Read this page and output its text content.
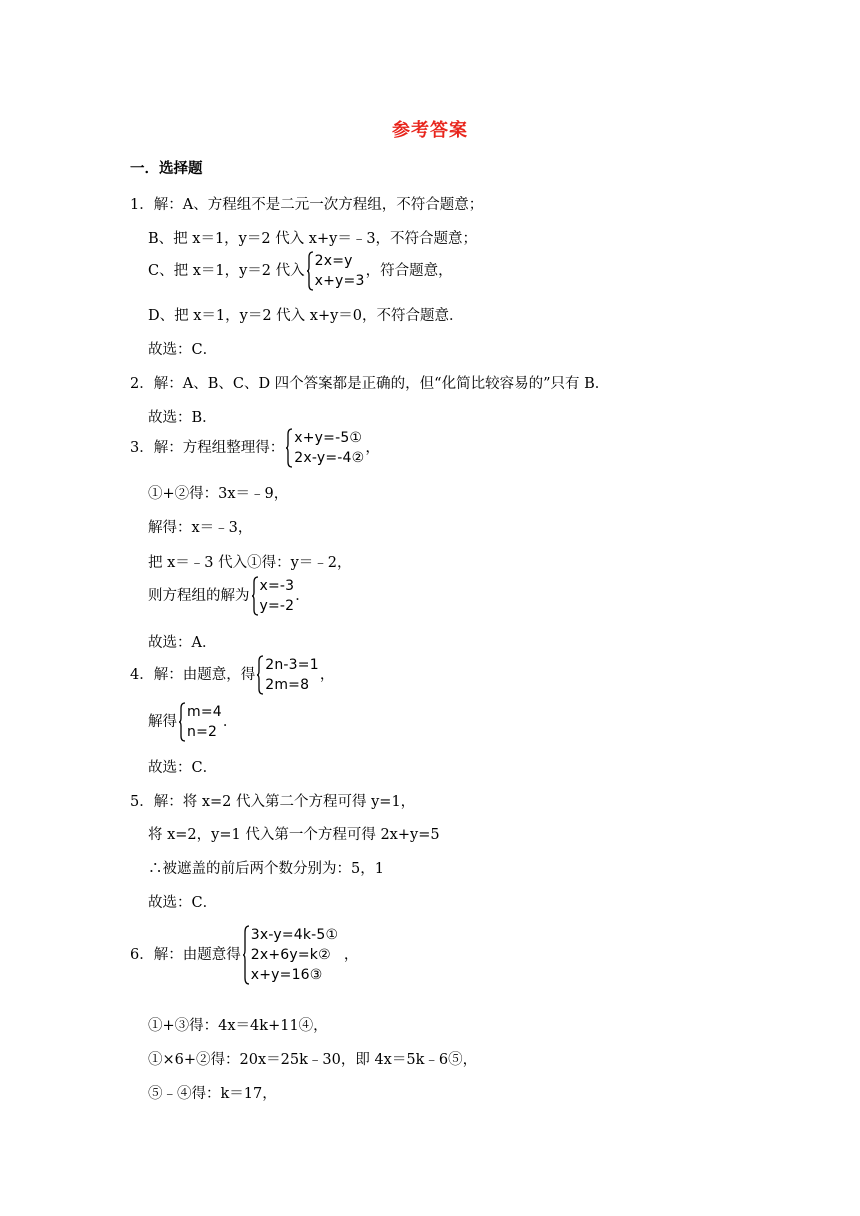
参考答案
一．选择题
1．解：A、方程组不是二元一次方程组，不符合题意；
B、把 x＝1，y＝2 代入 x+y＝﹣3，不符合题意；
C、把 x＝1，y＝2 代入
2x=y
x+y=3
，符合题意，
D、把 x＝1，y＝2 代入 x+y＝0，不符合题意．
故选：C．
2．解：A、B、C、D 四个答案都是正确的，但“化简比较容易的”只有 B．
故选：B．
3．解：方程组整理得：
x+y=-5①
2x-y=-4②
，
①+②得：3x＝﹣9，
解得：x＝﹣3，
把 x＝﹣3 代入①得：y＝﹣2，
则方程组的解为
x=-3
y=-2
．
故选：A．
4．解：由题意，得
2n-3=1
2m=8
，
解得
m=4
n=2
．
故选：C．
5．解：将 x=2 代入第二个方程可得 y=1，
将 x=2，y=1 代入第一个方程可得 2x+y=5
∴被遮盖的前后两个数分别为：5，1
故选：C．
6．解：由题意得
3x-y=4k-5①
2x+6y=k②
x+y=16③
，
①+③得：4x＝4k+11④，
①×6+②得：20x＝25k﹣30，即 4x＝5k﹣6⑤，
⑤﹣④得：k＝17，
